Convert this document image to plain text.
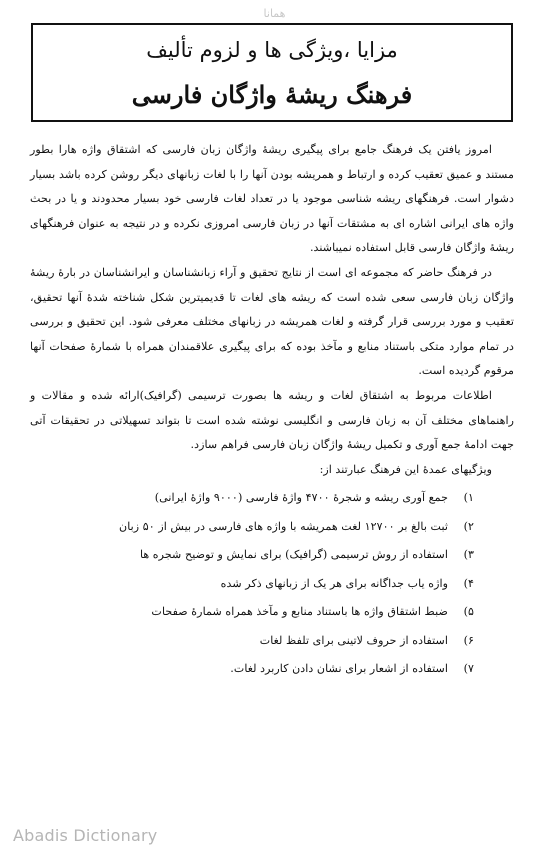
همانا
مزایا ،ویژگی ها و لزوم تألیف
فرهنگ ریشهٔ واژگان فارسی

امروز یافتن یک فرهنگ جامع برای پیگیری ریشهٔ واژگان زبان فارسی که اشتقاق واژه هارا بطور مستند و عمیق تعقیب کرده و ارتباط و همریشه بودن آنها را با لغات زبانهای دیگر روشن کرده باشد بسیار دشوار است. فرهنگهای ریشه شناسی موجود یا در تعداد لغات فارسی خود بسیار محدودند و یا در بحث واژه های ایرانی اشاره ای به مشتقات آنها در زبان فارسی امروزی نکرده و در نتیجه به عنوان فرهنگهای ریشهٔ واژگان فارسی قابل استفاده نمیباشند.

در فرهنگ حاضر که مجموعه ای است از نتایج تحقیق و آراء زبانشناسان و ایرانشناسان در بارهٔ ریشهٔ واژگان زبان فارسی سعی شده است که ریشه های لغات تا قدیمیترین شکل شناخته شدهٔ آنها تحقیق، تعقیب و مورد بررسی قرار گرفته و لغات همریشه در زبانهای مختلف معرفی شود. این تحقیق و بررسی در تمام موارد متکی باستناد منابع و مآخذ بوده که برای پیگیری علاقمندان همراه با شمارهٔ صفحات آنها مرقوم گردیده است.

اطلاعات مربوط به اشتقاق لغات و ریشه ها بصورت ترسیمی (گرافیک)ارائه شده و مقالات و راهنماهای مختلف آن به زبان فارسی و انگلیسی نوشته شده است تا بتواند تسهیلاتی در تحقیقات آتی جهت ادامهٔ جمع آوری و تکمیل ریشهٔ واژگان زبان فارسی فراهم سازد.

ویژگیهای عمدهٔ این فرهنگ عبارتند از:

١)
جمع آوری ریشه و شجرهٔ ۴۷۰۰ واژهٔ فارسی (۹۰۰۰ واژهٔ ایرانی)
٢)
ثبت بالغ بر ۱۲۷۰۰ لغت همریشه با واژه های فارسی در بیش از ۵۰ زبان
٣)
استفاده از روش ترسیمی (گرافیک) برای نمایش و توضیح شجره ها
۴)
واژه یاب جداگانه برای هر یک از زبانهای ذکر شده
۵)
ضبط اشتقاق واژه ها باستناد منابع و مآخذ همراه شمارهٔ صفحات
۶)
استفاده از حروف لاتینی برای تلفظ لغات
۷)
استفاده از اشعار برای نشان دادن کاربرد لغات.
Abadis Dictionary
